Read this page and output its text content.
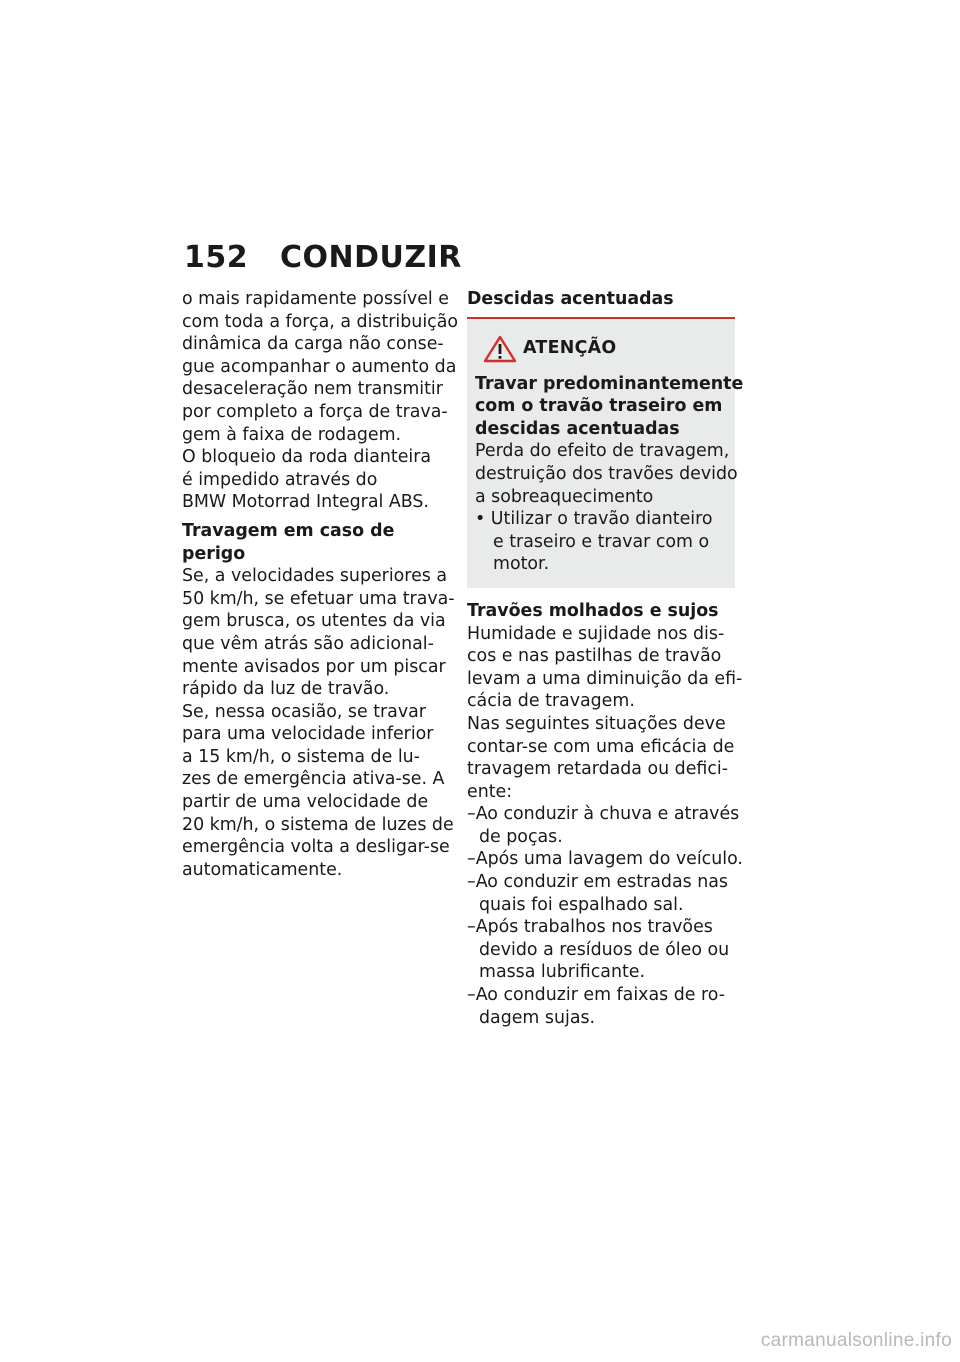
152	CONDUZIR
o mais rapidamente possível e
com toda a força, a distribuição
dinâmica da carga não conse-
gue acompanhar o aumento da
desaceleração nem transmitir
por completo a força de trava-
gem à faixa de rodagem.
O bloqueio da roda dianteira
é impedido através do
BMW Motorrad Integral ABS.
Travagem em caso de perigo
Se, a velocidades superiores a
50 km/h, se efetuar uma trava-
gem brusca, os utentes da via
que vêm atrás são adicional-
mente avisados por um piscar
rápido da luz de travão.
Se, nessa ocasião, se travar
para uma velocidade inferior
a 15 km/h, o sistema de lu-
zes de emergência ativa-se. A
partir de uma velocidade de
20 km/h, o sistema de luzes de
emergência volta a desligar-se
automaticamente.
Descidas acentuadas
ATENÇÃO
Travar predominantemente
com o travão traseiro em
descidas acentuadas
Perda do efeito de travagem,
destruição dos travões devido
a sobreaquecimento
• Utilizar o travão dianteiro
e traseiro e travar com o
motor.
Travões molhados e sujos
Humidade e sujidade nos dis-
cos e nas pastilhas de travão
levam a uma diminuição da efi-
cácia de travagem.
Nas seguintes situações deve
contar-se com uma eficácia de
travagem retardada ou defici-
ente:
–Ao conduzir à chuva e através
de poças.
–Após uma lavagem do veículo.
–Ao conduzir em estradas nas
quais foi espalhado sal.
–Após trabalhos nos travões
devido a resíduos de óleo ou
massa lubrificante.
–Ao conduzir em faixas de ro-
dagem sujas.
carmanualsonline.info
